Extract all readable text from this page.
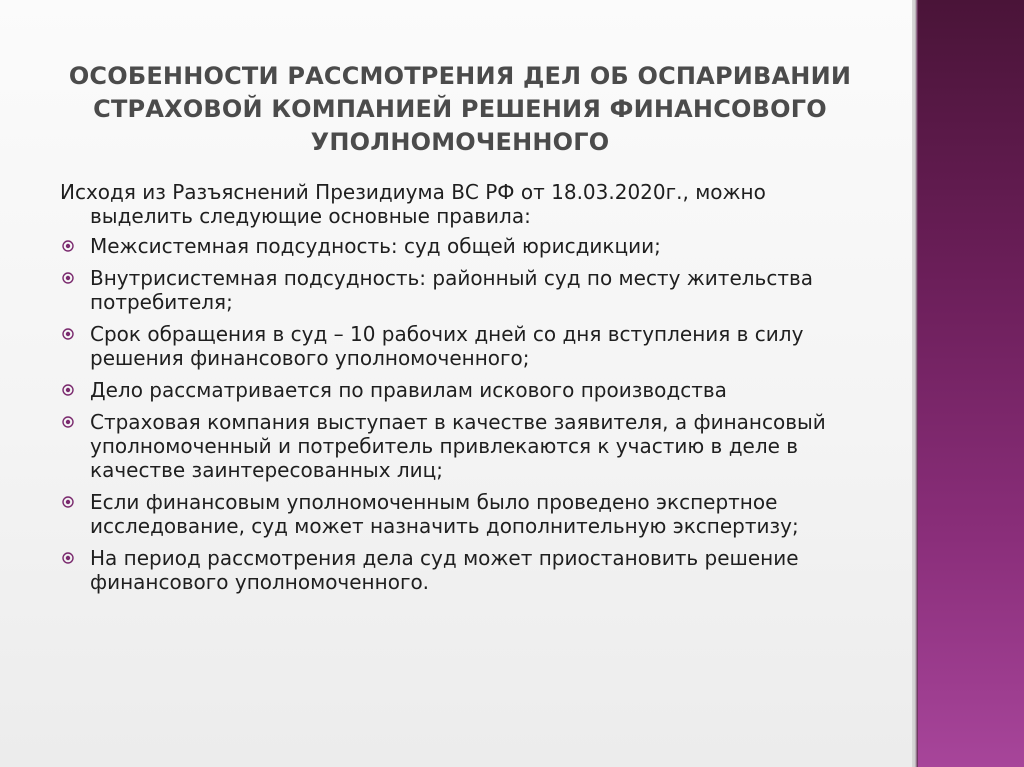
ОСОБЕННОСТИ РАССМОТРЕНИЯ ДЕЛ ОБ ОСПАРИВАНИИ СТРАХОВОЙ КОМПАНИЕЙ РЕШЕНИЯ ФИНАНСОВОГО УПОЛНОМОЧЕННОГО

Исходя из Разъяснений Президиума ВС РФ от 18.03.2020г., можно выделить следующие основные правила:

Межсистемная подсудность: суд общей юрисдикции;
Внутрисистемная подсудность: районный суд по месту жительства потребителя;
Срок обращения в суд – 10 рабочих дней со дня вступления в силу решения финансового уполномоченного;
Дело рассматривается по правилам искового производства
Страховая компания выступает в качестве заявителя, а финансовый уполномоченный и потребитель привлекаются к участию в деле в качестве заинтересованных лиц;
Если финансовым уполномоченным было проведено экспертное исследование, суд может назначить дополнительную экспертизу;
На период рассмотрения дела суд может приостановить решение финансового уполномоченного.
